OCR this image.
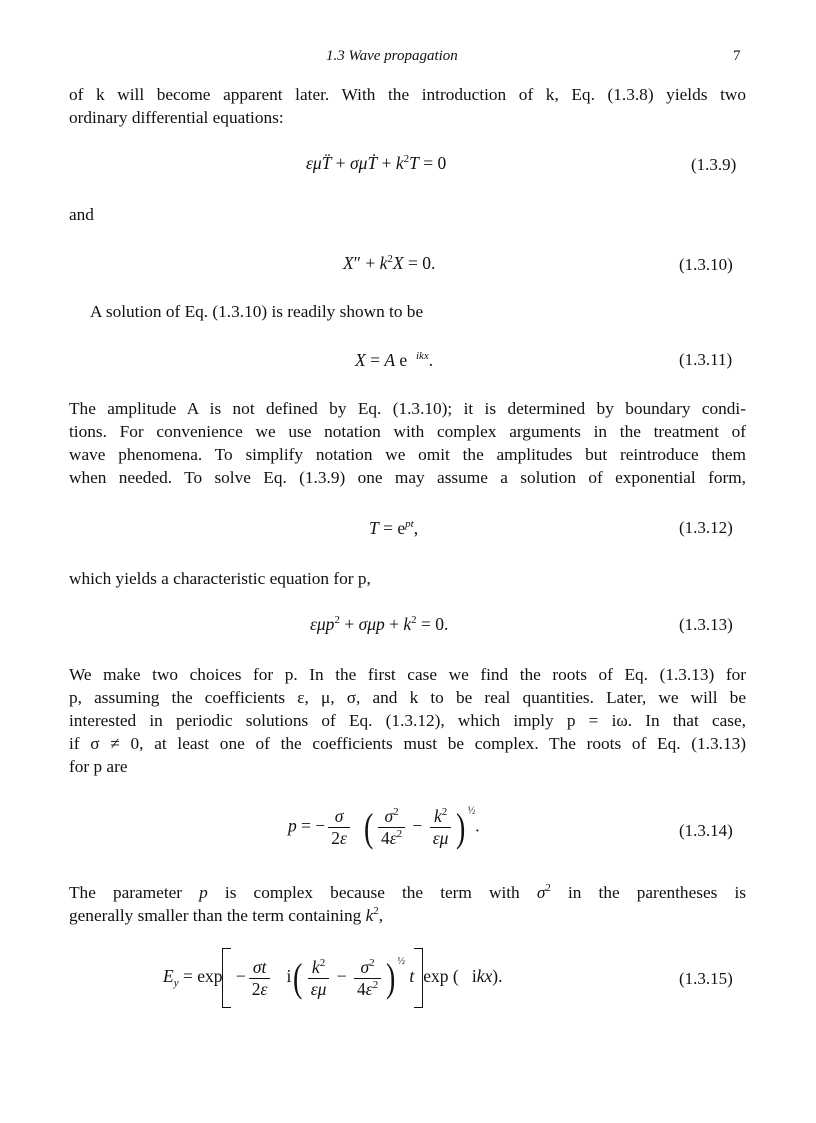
1.3 Wave propagation	7
of k will become apparent later. With the introduction of k, Eq. (1.3.8) yields two
ordinary differential equations:
εμT̈ + σμṪ + $k^2T = 0$	(1.3.9)
and
$X'' + k^2X = 0$.	(1.3.10)
A solution of Eq. (1.3.10) is readily shown to be
X = A e  $^{ikx}$.	(1.3.11)
The amplitude A is not defined by Eq. (1.3.10); it is determined by boundary condi-
tions. For convenience we use notation with complex arguments in the treatment of
wave phenomena. To simplify notation we omit the amplitudes but reintroduce them
when needed. To solve Eq. (1.3.9) one may assume a solution of exponential form,
$T = e^{pt}$,	(1.3.12)
which yields a characteristic equation for p,
$\varepsilon\mu p^2 + \sigma\mu p + k^2 = 0$.	(1.3.13)
We make two choices for p. In the first case we find the roots of Eq. (1.3.13) for
p, assuming the coefficients ε, μ, σ, and k to be real quantities. Later, we will be
interested in periodic solutions of Eq. (1.3.12), which imply p = iω. In that case,
if σ ≠ 0, at least one of the coefficients must be complex. The roots of Eq. (1.3.13)
for p are
p = − $\frac{\sigma}{2\varepsilon}$ ( $\frac{\sigma^2}{4\varepsilon^2} - \frac{k^2}{\varepsilon\mu}$ ) $^{\frac{1}{2}}$.	(1.3.14)
The parameter p is complex because the term with $\sigma^2$ in the parentheses is
generally smaller than the term containing $k^2$,
$E_y = \exp - \frac{\sigma t}{2\varepsilon} i( \frac{k^2}{\varepsilon\mu} - \frac{\sigma^2}{4\varepsilon^2}$ ) $^{\frac{1}{2}}$ t exp (   ikx).	(1.3.15)
